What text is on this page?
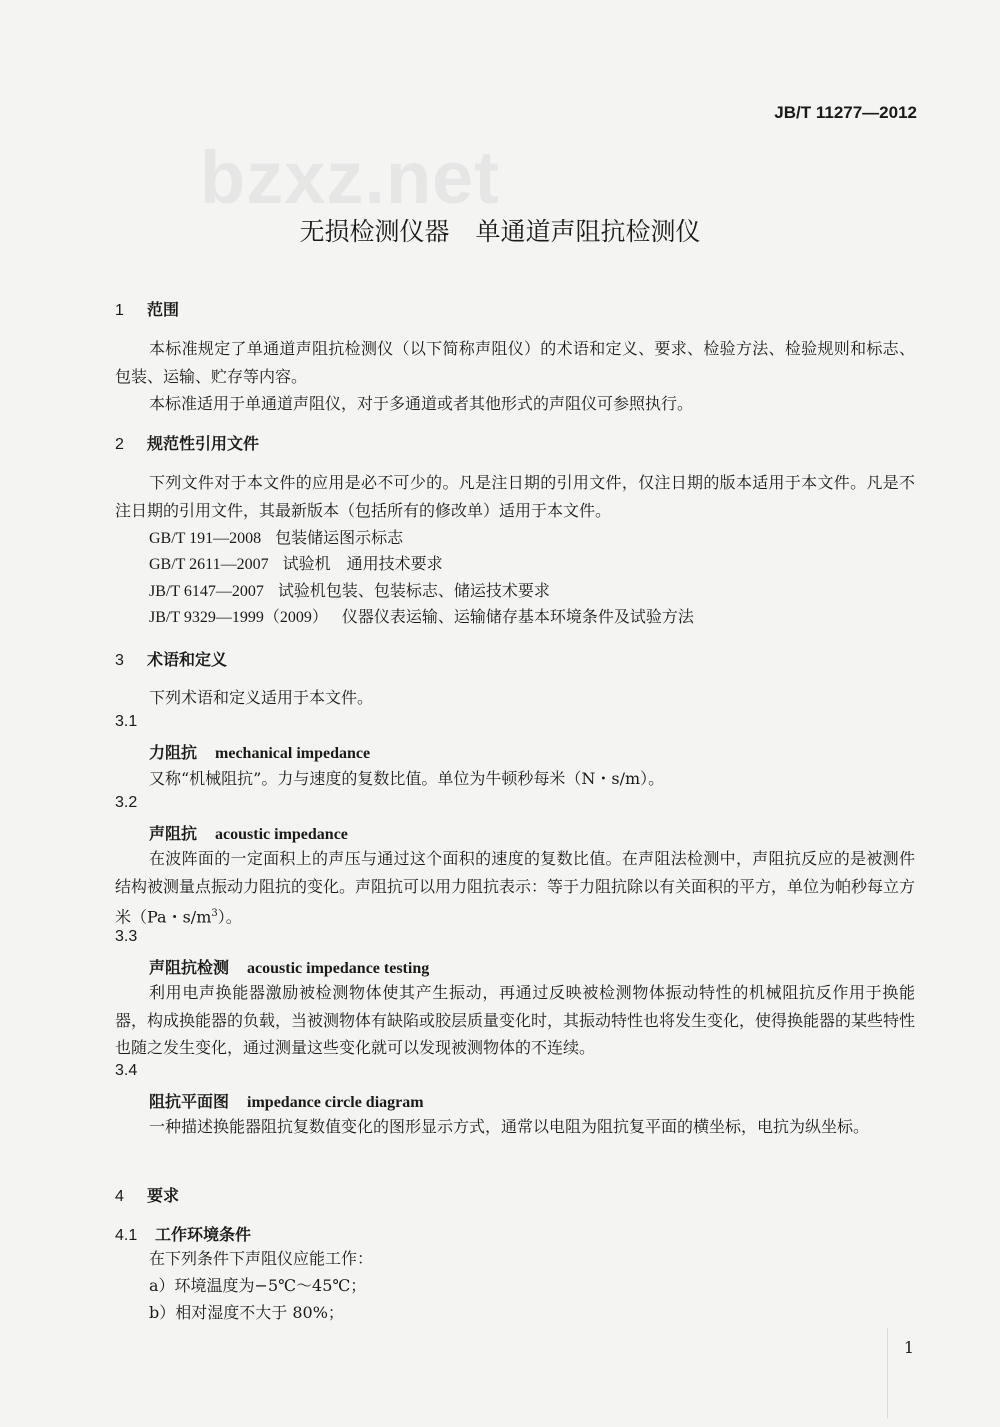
bzxz.net
JB/T 11277—2012
无损检测仪器 单通道声阻抗检测仪
1 范围
本标准规定了单通道声阻抗检测仪（以下简称声阻仪）的术语和定义、要求、检验方法、检验规则和标志、包装、运输、贮存等内容。
本标准适用于单通道声阻仪，对于多通道或者其他形式的声阻仪可参照执行。
2 规范性引用文件
下列文件对于本文件的应用是必不可少的。凡是注日期的引用文件，仅注日期的版本适用于本文件。凡是不注日期的引用文件，其最新版本（包括所有的修改单）适用于本文件。
GB/T 191—2008 包装储运图示标志
GB/T 2611—2007 试验机　通用技术要求
JB/T 6147—2007 试验机包装、包装标志、储运技术要求
JB/T 9329—1999（2009） 仪器仪表运输、运输储存基本环境条件及试验方法
3 术语和定义
下列术语和定义适用于本文件。
3.1
力阻抗 mechanical impedance
又称“机械阻抗”。力与速度的复数比值。单位为牛顿秒每米（N・s/m）。
3.2
声阻抗 acoustic impedance
在波阵面的一定面积上的声压与通过这个面积的速度的复数比值。在声阻法检测中，声阻抗反应的是被测件结构被测量点振动力阻抗的变化。声阻抗可以用力阻抗表示：等于力阻抗除以有关面积的平方，单位为帕秒每立方米（Pa・$s/m^3$）。
3.3
声阻抗检测 acoustic impedance testing
利用电声换能器激励被检测物体使其产生振动，再通过反映被检测物体振动特性的机械阻抗反作用于换能器，构成换能器的负载，当被测物体有缺陷或胶层质量变化时，其振动特性也将发生变化，使得换能器的某些特性也随之发生变化，通过测量这些变化就可以发现被测物体的不连续。
3.4
阻抗平面图 impedance circle diagram
一种描述换能器阻抗复数值变化的图形显示方式，通常以电阻为阻抗复平面的横坐标，电抗为纵坐标。
4 要求
4.1 工作环境条件
在下列条件下声阻仪应能工作：
a）环境温度为−5℃～45℃；
b）相对湿度不大于 80%；
1
